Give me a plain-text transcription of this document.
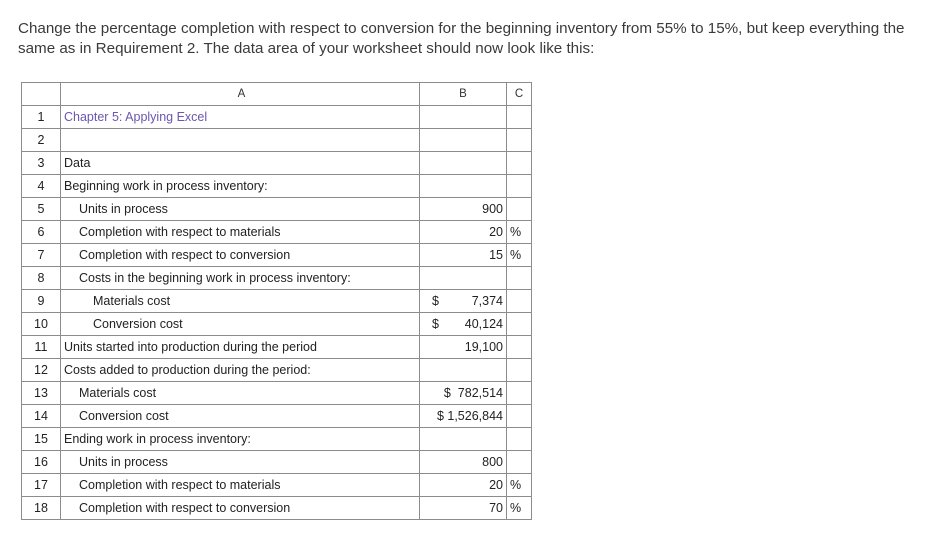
Change the percentage completion with respect to conversion for the beginning inventory from 55% to 15%, but keep everything the same as in Requirement 2. The data area of your worksheet should now look like this:

	A	B	C
1	Chapter 5: Applying Excel		
2			
3	Data		
4	Beginning work in process inventory:		
5	Units in process	900	
6	Completion with respect to materials	20	%
7	Completion with respect to conversion	15	%
8	Costs in the beginning work in process inventory:		
9	Materials cost	$ 7,374	

10	Conversion cost	$ 40,124	

11	Units started into production during the period	19,100	
12	Costs added to production during the period:		
13	Materials cost	$  782,514	
14	Conversion cost	$ 1,526,844	
15	Ending work in process inventory:		
16	Units in process	800	
17	Completion with respect to materials	20	%
18	Completion with respect to conversion	70	%
